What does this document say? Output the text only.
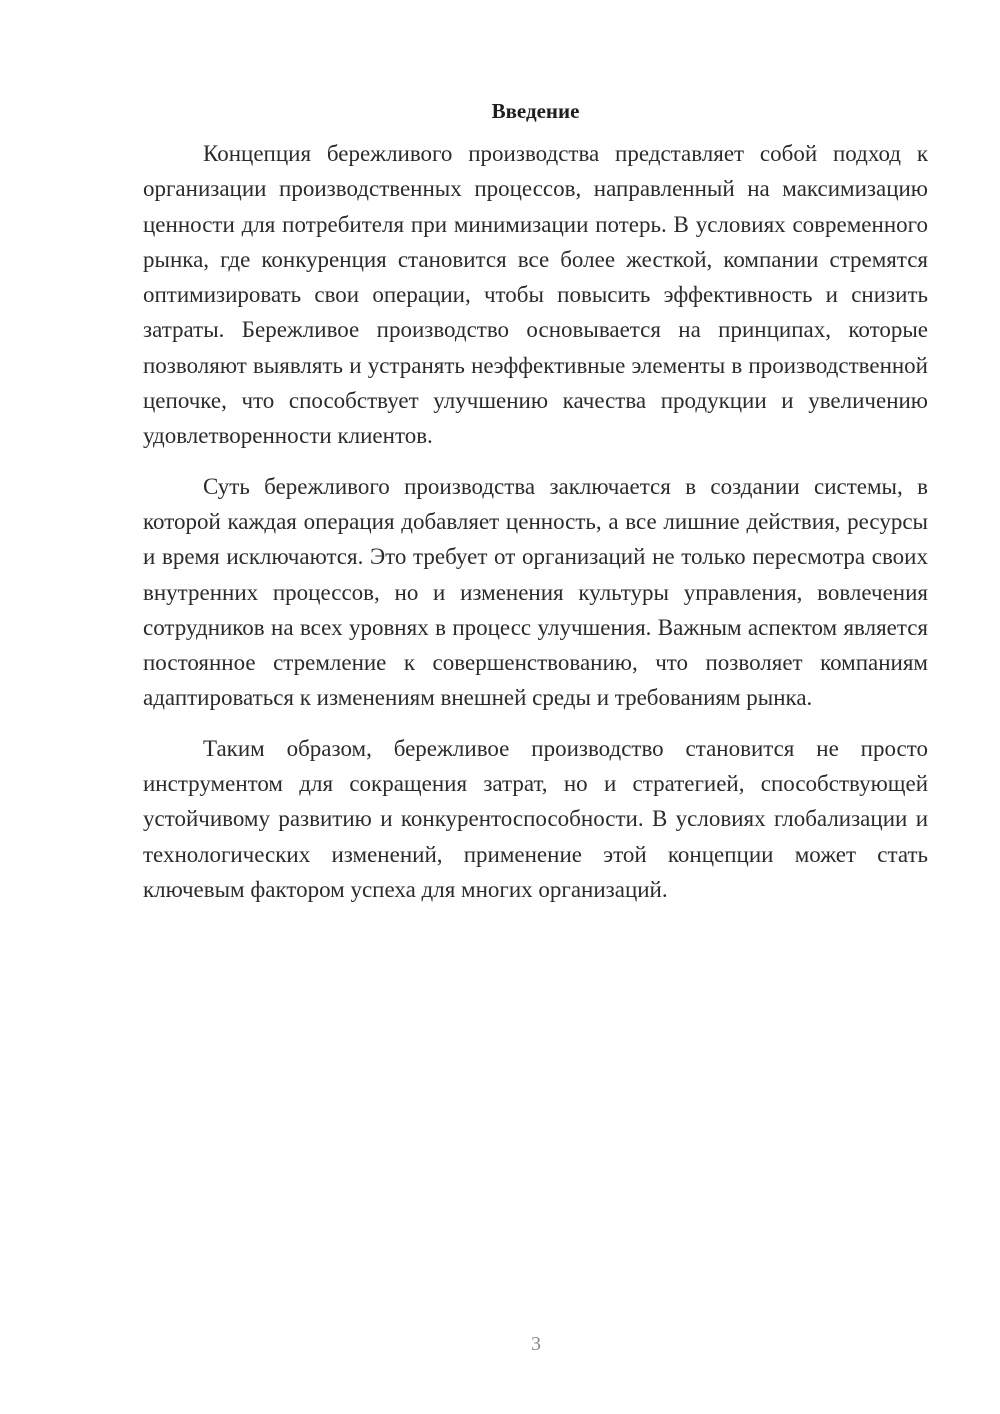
Введение

Концепция бережливого производства представляет собой подход к организации производственных процессов, направленный на максимизацию ценности для потребителя при минимизации потерь. В условиях современного рынка, где конкуренция становится все более жесткой, компании стремятся оптимизировать свои операции, чтобы повысить эффективность и снизить затраты. Бережливое производство основывается на принципах, которые позволяют выявлять и устранять неэффективные элементы в производственной цепочке, что способствует улучшению качества продукции и увеличению удовлетворенности клиентов.

Суть бережливого производства заключается в создании системы, в которой каждая операция добавляет ценность, а все лишние действия, ресурсы и время исключаются. Это требует от организаций не только пересмотра своих внутренних процессов, но и изменения культуры управления, вовлечения сотрудников на всех уровнях в процесс улучшения. Важным аспектом является постоянное стремление к совершенствованию, что позволяет компаниям адаптироваться к изменениям внешней среды и требованиям рынка.

Таким образом, бережливое производство становится не просто инструментом для сокращения затрат, но и стратегией, способствующей устойчивому развитию и конкурентоспособности. В условиях глобализации и технологических изменений, применение этой концепции может стать ключевым фактором успеха для многих организаций.

3
